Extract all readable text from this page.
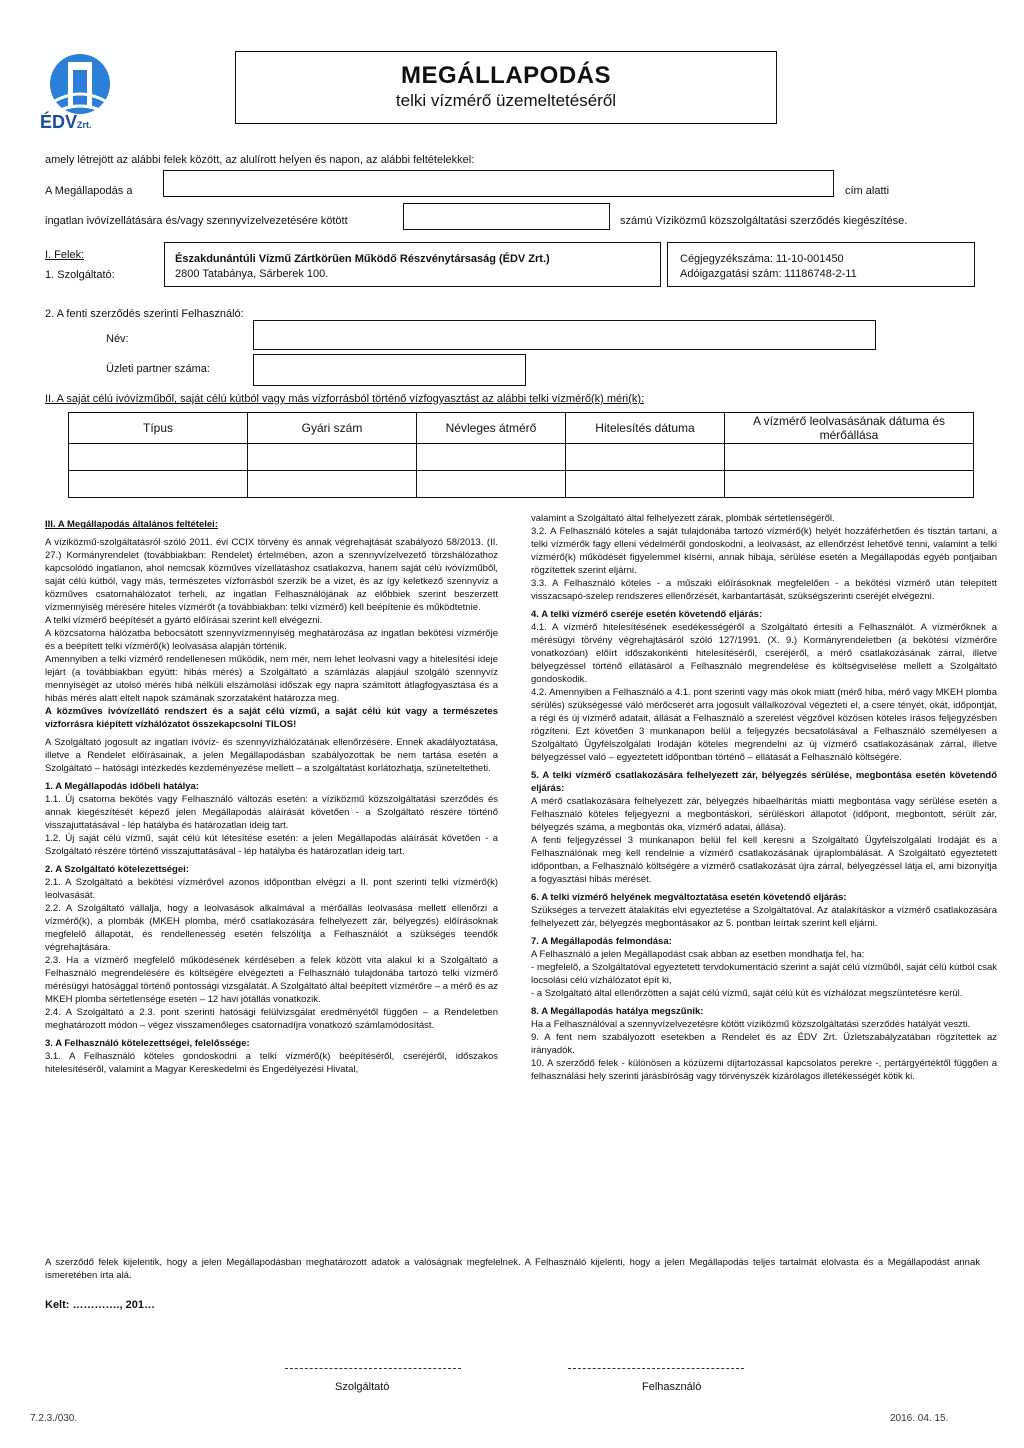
ÉDVZrt.
MEGÁLLAPODÁS
telki vízmérő üzemeltetéséről
amely létrejött az alábbi felek között, az alulírott helyen és napon, az alábbi feltételekkel:
A Megállapodás a	cím alatti
ingatlan ivóvízellátására és/vagy szennyvízelvezetésére kötött	számú Víziközmű közszolgáltatási szerződés kiegészítése.
I. Felek:
1. Szolgáltató:
Északdunántúli Vízmű Zártkörűen Működő Részvénytársaság (ÉDV Zrt.)
2800 Tatabánya, Sárberek 100.
Cégjegyzékszáma: 11-10-001450
Adóigazgatási szám: 11186748-2-11
2. A fenti szerződés szerinti Felhasználó:
Név:
Üzleti partner száma:
II. A saját célú ivóvízműből, saját célú kútból vagy más vízforrásból történő vízfogyasztást az alábbi telki vízmérő(k) méri(k):
Típus	Gyári szám	Névleges átmérő	Hitelesítés dátuma	A vízmérő leolvasásának dátuma és mérőállása

III. A Megállapodás általános feltételei:

A víziközmű-szolgáltatásról szóló 2011. évi CCIX törvény és annak végrehajtását szabályozó 58/2013. (II. 27.) Kormányrendelet (továbbiakban: Rendelet) értelmében, azon a szennyvízelvezető törzshálózathoz kapcsolódó ingatlanon, ahol nemcsak közműves vízellátáshoz csatlakozva, hanem saját célú ivóvízműből, saját célú kútból, vagy más, természetes vízforrásból szerzik be a vizet, és az így keletkező szennyvíz a közműves csatornahálózatot terheli, az ingatlan Felhasználójának az előbbiek szerint beszerzett vízmennyiség mérésére hiteles vízmérőt (a továbbiakban: telki vízmérő) kell beépítenie és működtetnie.

A telki vízmérő beépítését a gyártó előírásai szerint kell elvégezni.

A közcsatorna hálózatba bebocsátott szennyvízmennyiség meghatározása az ingatlan bekötési vízmérője és a beépített telki vízmérő(k) leolvasása alapján történik.

Amennyiben a telki vízmérő rendellenesen működik, nem mér, nem lehet leolvasni vagy a hitelesítési ideje lejárt (a továbbiakban együtt: hibás mérés) a Szolgáltató a számlázás alapjául szolgáló szennyvíz mennyiségét az utolsó mérés hibá nélküli elszámolási időszak egy napra számított átlagfogyasztása és a hibás mérés alatt eltelt napok számának szorzataként határozza meg.

A közműves ivóvízellátó rendszert és a saját célú vízmű, a saját célú kút vagy a természetes vízforrásra kiépített vízhálózatot összekapcsolni TILOS!

A Szolgáltató jogosult az ingatlan ivóvíz- és szennyvízhálózatának ellenőrzésére. Ennek akadályoztatása, illetve a Rendelet előírásainak, a jelen Megállapodásban szabályozottak be nem tartása esetén a Szolgáltató – hatósági intézkedés kezdeményezése mellett – a szolgáltatást korlátozhatja, szüneteltetheti.

1. A Megállapodás időbeli hatálya:

1.1. Új csatorna bekötés vagy Felhasználó változás esetén: a víziközmű közszolgáltatási szerződés és annak kiegészítését képező jelen Megállapodás aláírását követően - a Szolgáltató részére történő visszajuttatásával - lép hatályba és határozatlan ideig tart.

1.2. Új saját célú vízmű, saját célú kút létesítése esetén: a jelen Megállapodás aláírását követően - a Szolgáltató részére történő visszajuttatásával - lép hatályba és határozatlan ideig tart.

2. A Szolgáltató kötelezettségei:

2.1. A Szolgáltató a bekötési vízmérővel azonos időpontban elvégzi a II. pont szerinti telki vízmérő(k) leolvasását.

2.2. A Szolgáltató vállalja, hogy a leolvasások alkalmával a mérőállás leolvasása mellett ellenőrzi a vízmérő(k), a plombák (MKEH plomba, mérő csatlakozására felhelyezett zár, bélyegzés) előírásoknak megfelelő állapotát, és rendellenesség esetén felszólítja a Felhasználót a szükséges teendők végrehajtására.

2.3. Ha a vízmérő megfelelő működésének kérdésében a felek között vita alakul ki a Szolgáltató a Felhasználó megrendelésére és költségére elvégezteti a Felhasználó tulajdonába tartozó telki vízmérő mérésügyi hatósággal történő pontossági vizsgálatát. A Szolgáltató által beépített vízmérőre – a mérő és az MKEH plomba sértetlensége esetén – 12 havi jótállás vonatkozik.

2.4. A Szolgáltató a 2.3. pont szerinti hatósági felülvizsgálat eredményétől függően – a Rendeletben meghatározott módon – végez visszamenőleges csatornadíjra vonatkozó számlamódosítást.

3. A Felhasználó kötelezettségei, felelőssége:

3.1. A Felhasználó köteles gondoskodni a telki vízmérő(k) beépítéséről, cseréjéről, időszakos hitelesítéséről, valamint a Magyar Kereskedelmi és Engedélyezési Hivatal,

valamint a Szolgáltató által felhelyezett zárak, plombák sértetlenségéről.

3.2. A Felhasználó köteles a saját tulajdonába tartozó vízmérő(k) helyét hozzáférhetően és tisztán tartani, a telki vízmérők fagy elleni védelméről gondoskodni, a leolvasást, az ellenőrzést lehetővé tenni, valamint a telki vízmérő(k) működését figyelemmel kísérni, annak hibája, sérülése esetén a Megállapodás egyéb pontjaiban rögzítettek szerint eljárni.

3.3. A Felhasználó köteles - a műszaki előírásoknak megfelelően - a bekötési vízmérő után telepített visszacsapó-szelep rendszeres ellenőrzését, karbantartását, szükségszerinti cseréjét elvégezni.

4. A telki vízmérő cseréje esetén követendő eljárás:

4.1. A vízmérő hitelesítésének esedékességéről a Szolgáltató értesíti a Felhasználót. A vízmérőknek a mérésügyi törvény végrehajtásáról szóló 127/1991. (X. 9.) Kormányrendeletben (a bekötési vízmérőre vonatkozóan) előírt időszakonkénti hitelesítéséről, cseréjéről, a mérő csatlakozásának zárral, illetve bélyegzéssel történő ellátásáról a Felhasználó megrendelése és költségviselése mellett a Szolgáltató gondoskodik.

4.2. Amennyiben a Felhasználó a 4.1. pont szerinti vagy más okok miatt (mérő hiba, mérő vagy MKEH plomba sérülés) szükségessé váló mérőcserét arra jogosult vállalkozóval végezteti el, a csere tényét, okát, időpontját, a régi és új vízmérő adatait, állását a Felhasználó a szerelést végzővel közösen köteles írásos feljegyzésben rögzíteni. Ezt követően 3 munkanapon belül a feljegyzés becsatolásával a Felhasználó személyesen a Szolgáltató Ügyfélszolgálati Irodáján köteles megrendelni az új vízmérő csatlakozásának zárral, illetve bélyegzéssel való – egyeztetett időpontban történő – ellátását a Felhasználó költségére.

5. A telki vízmérő csatlakozására felhelyezett zár, bélyegzés sérülése, megbontása esetén követendő eljárás:

A mérő csatlakozására felhelyezett zár, bélyegzés hibaelhárítás miatti megbontása vagy sérülése esetén a Felhasználó köteles feljegyezni a megbontáskori, sérüléskori állapotot (időpont, megbontott, sérült zár, bélyegzés száma, a megbontás oka, vízmérő adatai, állása).

A fenti feljegyzéssel 3 munkanapon belül fel kell keresni a Szolgáltató Ügyfélszolgálati Irodáját és a Felhasználónak meg kell rendelnie a vízmérő csatlakozásának újraplombálását. A Szolgáltató egyeztetett időpontban, a Felhasználó költségére a vízmérő csatlakozását újra zárral, bélyegzéssel látja el, ami bizonyítja a fogyasztási hibás mérését.

6. A telki vízmérő helyének megváltoztatása esetén követendő eljárás:

Szükséges a tervezett átalakítás elvi egyeztetése a Szolgáltatóval. Az átalakításkor a vízmérő csatlakozására felhelyezett zár, bélyegzés megbontásakor az 5. pontban leírtak szerint kell eljárni.

7. A Megállapodás felmondása:

A Felhasználó a jelen Megállapodást csak abban az esetben mondhatja fel, ha:

- megfelelő, a Szolgáltatóval egyeztetett tervdokumentáció szerint a saját célú vízműből, saját célú kútból csak locsolási célú vízhálózatot épít ki,

- a Szolgáltató által ellenőrzötten a saját célú vízmű, saját célú kút és vízhálózat megszüntetésre kerül.

8. A Megállapodás hatálya megszűnik:

Ha a Felhasználóval a szennyvízelvezetésre kötött víziközmű közszolgáltatási szerződés hatályát veszti.

9. A fent nem szabályozott esetekben a Rendelet és az ÉDV Zrt. Üzletszabályzatában rögzítettek az irányadók.

10. A szerződő felek - különösen a közüzemi díjtartozással kapcsolatos perekre -, pertárgyértéktől függően a felhasználási hely szerinti járásbíróság vagy törvényszék kizárólagos illetékességét kötik ki.

A szerződő felek kijelentik, hogy a jelen Megállapodásban meghatározott adatok a valóságnak megfelelnek. A Felhasználó kijelenti, hogy a jelen Megállapodás teljes tartalmát elolvasta és a Megállapodást annak ismeretében írta alá.
Kelt: …………., 201…
Szolgáltató	Felhasználó
7.2.3./030.	2016. 04. 15.
